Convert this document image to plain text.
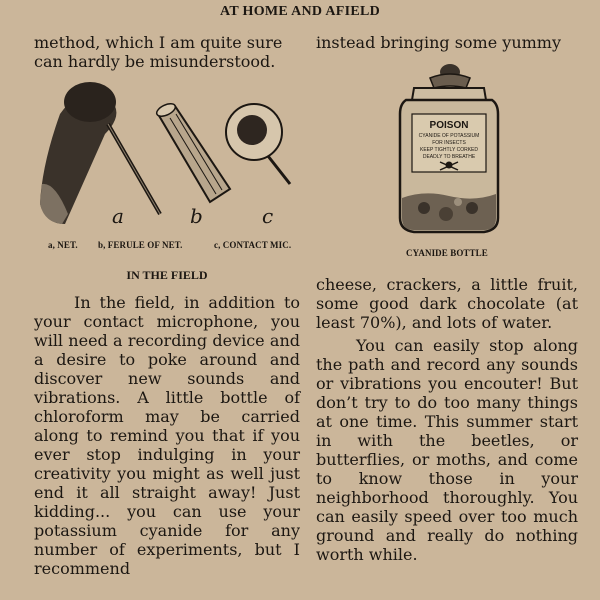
AT HOME AND AFIELD
method, which I am quite sure
can hardly be misunderstood.
instead bringing some yummy
a	b	c
a, NET. b, FERULE OF NET.	c, CONTACT MIC.
POISON
CYANIDE OF POTASSIUM
FOR INSECTS
KEEP TIGHTLY CORKED
DEADLY TO BREATHE
CYANIDE BOTTLE
IN THE FIELD

In the field, in addition to your contact microphone, you will need a recording device and a desire to poke around and discover new sounds and vibrations. A little bottle of chloroform may be carried along to remind you that if you ever stop indulging in your creativity you might as well just end it all straight away! Just kidding... you can use your potassium cyanide for any number of experiments, but I recommend

cheese, crackers, a little fruit, some good dark chocolate (at least 70%), and lots of water.

You can easily stop along the path and record any sounds or vibrations you encouter! But don’t try to do too many things at one time. This summer start in with the beetles, or butterflies, or moths, and come to know those in your neighborhood thoroughly. You can easily speed over too much ground and really do nothing worth while.
